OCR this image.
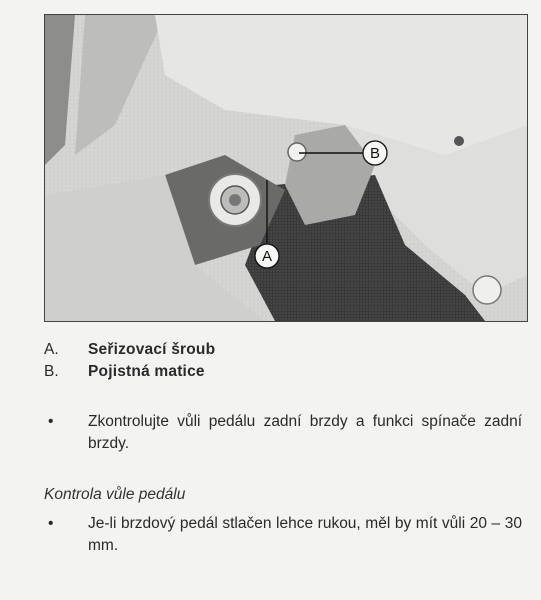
B
A
A.	Seřizovací šroub
B.	Pojistná matice
•	Zkontrolujte vůli pedálu zadní brzdy a funkci spínače zadní brzdy.
Kontrola vůle pedálu
•	Je-li brzdový pedál stlačen lehce rukou, měl by mít vůli 20 – 30 mm.
